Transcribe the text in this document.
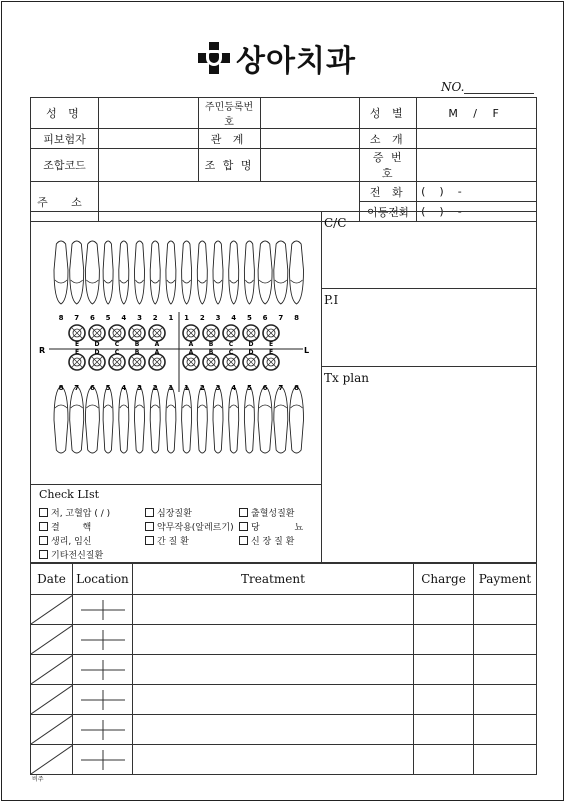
상아치과
NO.
성 명		주민등록번호		성 별	M / F
피보험자		관 계		소 개	
조합코드		조 합 명		증 번 호	
주 소				전 화	(    )    -
				이동전화	(    )    -
8 7 6 5 4 3 2 1 1 2 3 4 5 6 7 8
8 7 6 5 4 3 2 1 1 2 3 4 5 6 7 8
E	D	C	B	A	A	B	C	D	E
E	D	C	B	A	A	B	C	D	E
R	L
C/C
P.I
Tx plan
Check LIst
저, 고혈압 ( / )	심장질환	출혈성질환
결 핵	약무작용(알레르기) 당 뇨
생리, 임신	간 질 환	신 장 질 환
기타전신질환
Date	Location	Treatment	Charge	Payment

비주
